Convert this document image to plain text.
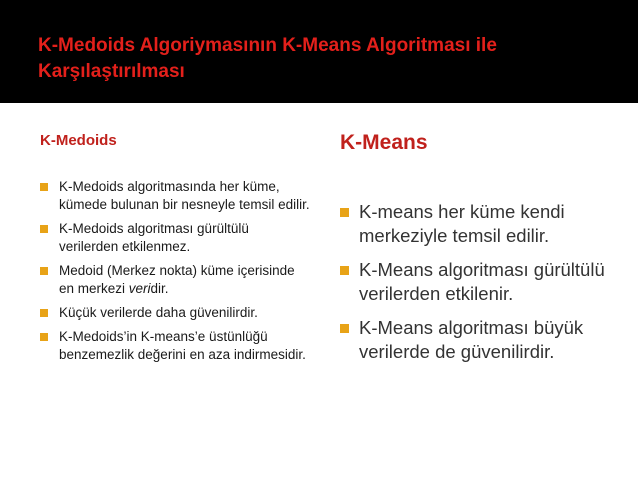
K-Medoids Algoriymasının K-Means Algoritması ile Karşılaştırılması
K-Medoids
K-Medoids algoritmasında her küme, kümede bulunan bir nesneyle temsil edilir.
K-Medoids algoritması gürültülü verilerden etkilenmez.
Medoid (Merkez nokta) küme içerisinde en merkezi veridir.
Küçük verilerde daha güvenilirdir.
K-Medoids’in K-means’e üstünlüğü benzemezlik değerini en aza indirmesidir.
K-Means
K-means her küme kendi merkeziyle temsil edilir.
K-Means algoritması gürültülü verilerden etkilenir.
K-Means algoritması büyük verilerde de güvenilirdir.
